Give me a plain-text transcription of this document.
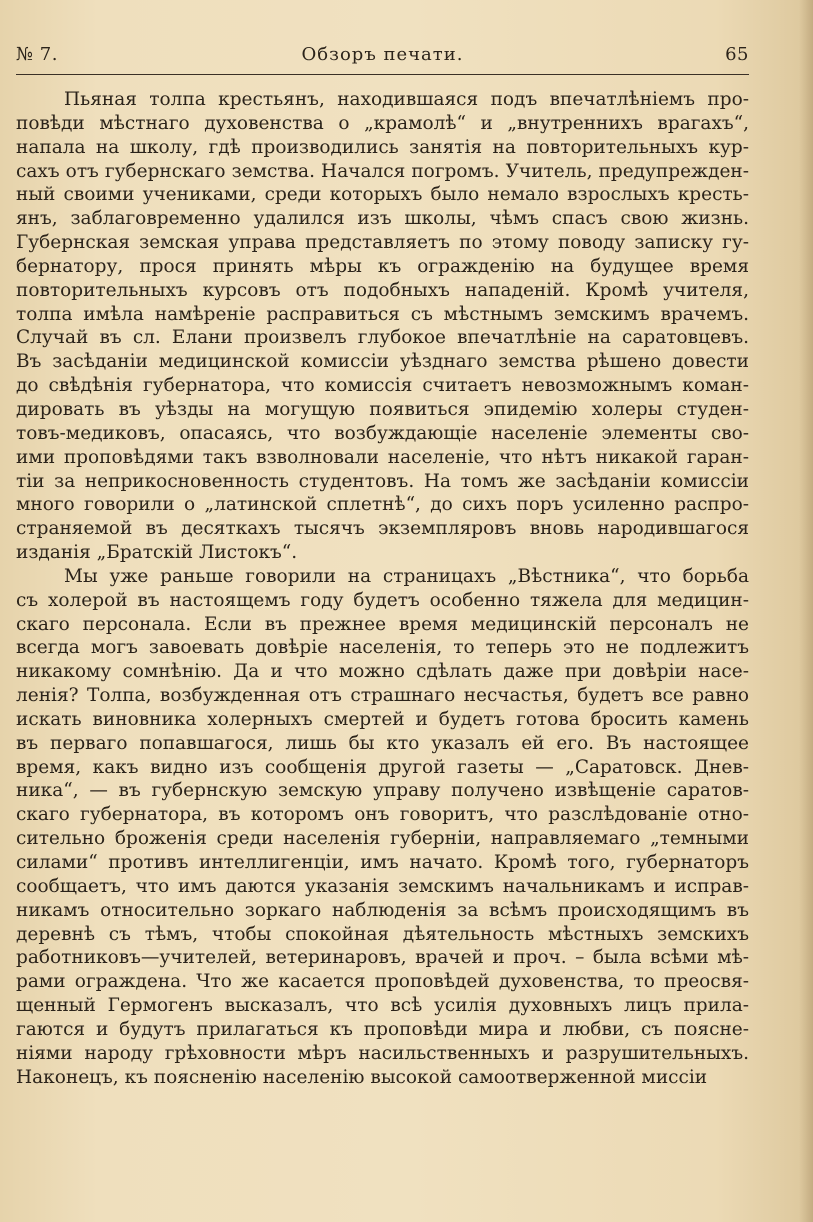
№ 7.	Обзоръ печати.	65
Пьяная толпа крестьянъ, находившаяся подъ впечатлѣніемъ про-
повѣди мѣстнаго духовенства о „крамолѣ“ и „внутреннихъ врагахъ“,
напала на школу, гдѣ производились занятія на повторительныхъ кур-
сахъ отъ губернскаго земства. Начался погромъ. Учитель, предупрежден-
ный своими учениками, среди которыхъ было немало взрослыхъ кресть-
янъ, заблаговременно удалился изъ школы, чѣмъ спасъ свою жизнь.
Губернская земская управа представляетъ по этому поводу записку гу-
бернатору, прося принять мѣры къ огражденію на будущее время
повторительныхъ курсовъ отъ подобныхъ нападеній. Кромѣ учителя,
толпа имѣла намѣреніе расправиться съ мѣстнымъ земскимъ врачемъ.
Случай въ сл. Елани произвелъ глубокое впечатлѣніе на саратовцевъ.
Въ засѣданіи медицинской комиссіи уѣзднаго земства рѣшено довести
до свѣдѣнія губернатора, что комиссія считаетъ невозможнымъ коман-
дировать въ уѣзды на могущую появиться эпидемію холеры студен-
товъ-медиковъ, опасаясь, что возбуждающіе населеніе элементы сво-
ими проповѣдями такъ взволновали населеніе, что нѣтъ никакой гаран-
тіи за неприкосновенность студентовъ. На томъ же засѣданіи комиссіи
много говорили о „латинской сплетнѣ“, до сихъ поръ усиленно распро-
страняемой въ десяткахъ тысячъ экземпляровъ вновь народившагося
изданія „Братскій Листокъ“.
Мы уже раньше говорили на страницахъ „Вѣстника“, что борьба
съ холерой въ настоящемъ году будетъ особенно тяжела для медицин-
скаго персонала. Если въ прежнее время медицинскій персоналъ не
всегда могъ завоевать довѣріе населенія, то теперь это не подлежитъ
никакому сомнѣнію. Да и что можно сдѣлать даже при довѣріи насе-
ленія? Толпа, возбужденная отъ страшнаго несчастья, будетъ все равно
искать виновника холерныхъ смертей и будетъ готова бросить камень
въ перваго попавшагося, лишь бы кто указалъ ей его. Въ настоящее
время, какъ видно изъ сообщенія другой газеты — „Саратовск. Днев-
ника“, — въ губернскую земскую управу получено извѣщеніе саратов-
скаго губернатора, въ которомъ онъ говоритъ, что разслѣдованіе отно-
сительно броженія среди населенія губерніи, направляемаго „темными
силами“ противъ интеллигенціи, имъ начато. Кромѣ того, губернаторъ
сообщаетъ, что имъ даются указанія земскимъ начальникамъ и исправ-
никамъ относительно зоркаго наблюденія за всѣмъ происходящимъ въ
деревнѣ съ тѣмъ, чтобы спокойная дѣятельность мѣстныхъ земскихъ
работниковъ—учителей, ветеринаровъ, врачей и проч. – была всѣми мѣ-
рами ограждена. Что же касается проповѣдей духовенства, то преосвя-
щенный Гермогенъ высказалъ, что всѣ усилія духовныхъ лицъ прила-
гаются и будутъ прилагаться къ проповѣди мира и любви, съ поясне-
ніями народу грѣховности мѣръ насильственныхъ и разрушительныхъ.
Наконецъ, къ поясненію населенію высокой самоотверженной миссіи
